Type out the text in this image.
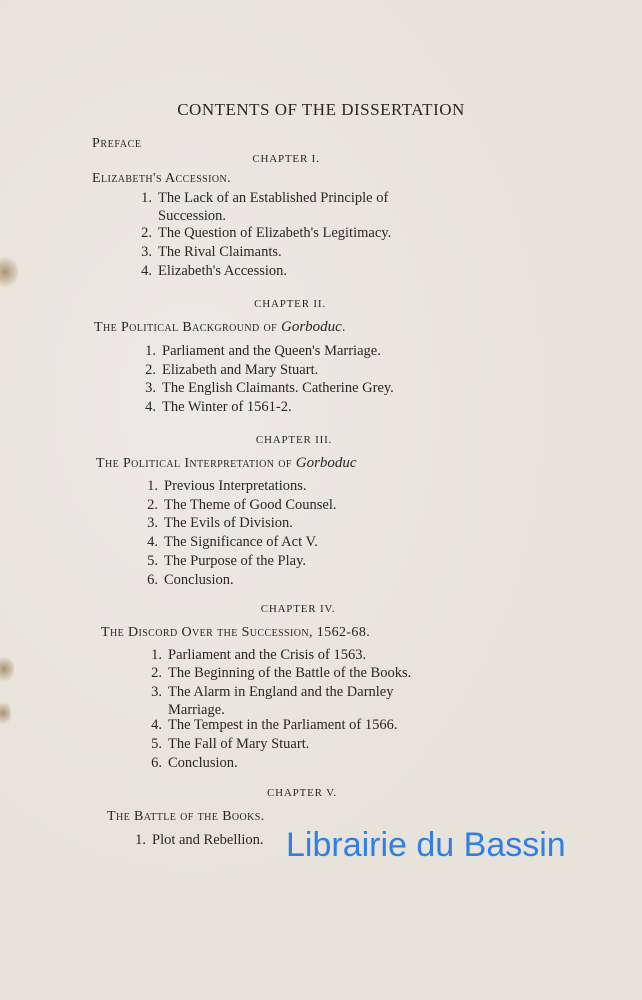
CONTENTS OF THE DISSERTATION
Preface
CHAPTER I.
Elizabeth's Accession.
1. The Lack of an Established Principle of
Succession.
2. The Question of Elizabeth's Legitimacy.
3. The Rival Claimants.
4. Elizabeth's Accession.
CHAPTER II.
The Political Background of Gorboduc.
1. Parliament and the Queen's Marriage.
2. Elizabeth and Mary Stuart.
3. The English Claimants. Catherine Grey.
4. The Winter of 1561-2.
CHAPTER III.
The Political Interpretation of Gorboduc
1. Previous Interpretations.
2. The Theme of Good Counsel.
3. The Evils of Division.
4. The Significance of Act V.
5. The Purpose of the Play.
6. Conclusion.
CHAPTER IV.
The Discord Over the Succession, 1562-68.
1. Parliament and the Crisis of 1563.
2. The Beginning of the Battle of the Books.
3. The Alarm in England and the Darnley
Marriage.
4. The Tempest in the Parliament of 1566.
5. The Fall of Mary Stuart.
6. Conclusion.
CHAPTER V.
The Battle of the Books.
1. Plot and Rebellion. Librairie du Bassin
